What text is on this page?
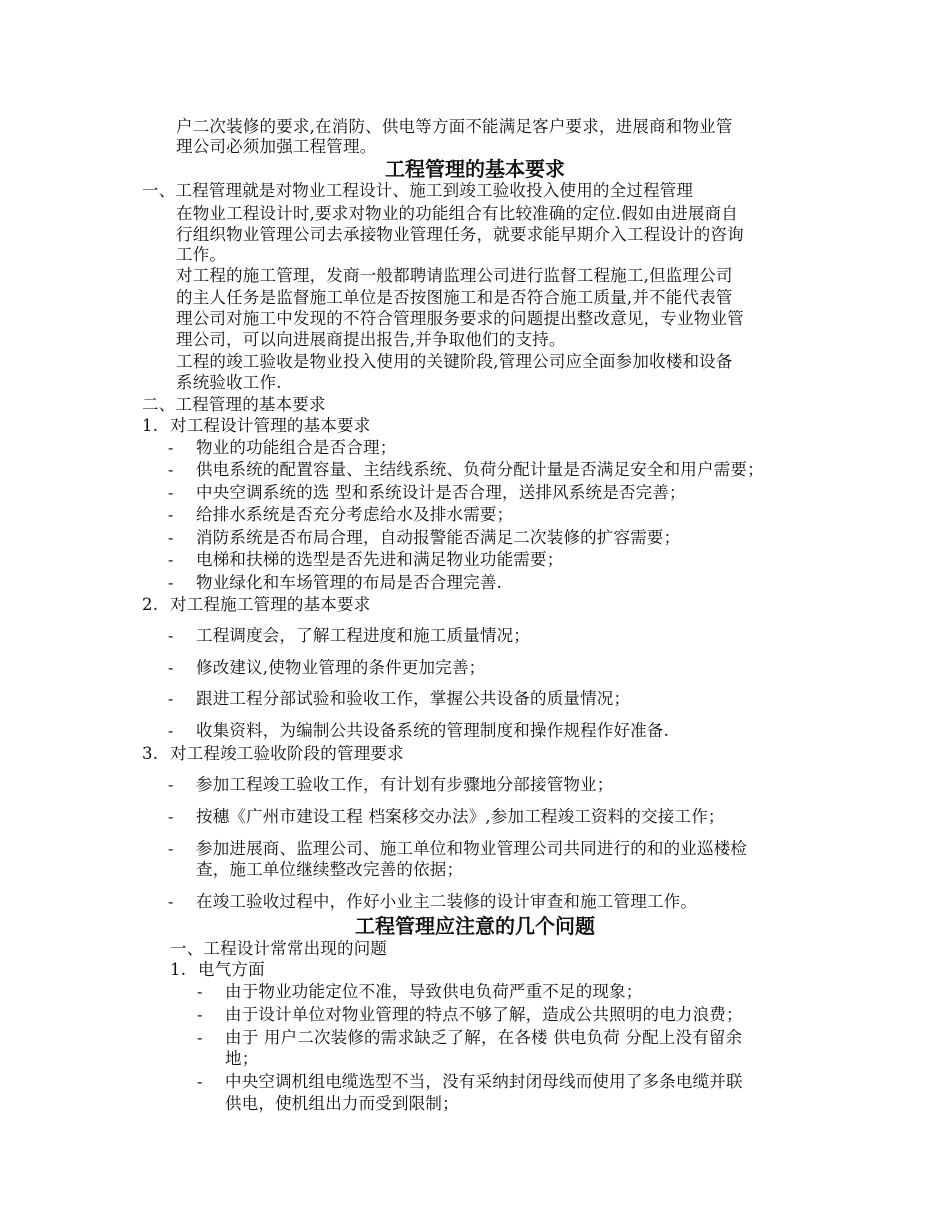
户二次装修的要求,在消防、供电等方面不能满足客户要求，进展商和物业管
理公司必须加强工程管理。
工程管理的基本要求
一、工程管理就是对物业工程设计、施工到竣工验收投入使用的全过程管理
在物业工程设计时,要求对物业的功能组合有比较准确的定位.假如由进展商自
行组织物业管理公司去承接物业管理任务，就要求能早期介入工程设计的咨询
工作。
对工程的施工管理，发商一般都聘请监理公司进行监督工程施工,但监理公司
的主人任务是监督施工单位是否按图施工和是否符合施工质量,并不能代表管
理公司对施工中发现的不符合管理服务要求的问题提出整改意见，专业物业管
理公司，可以向进展商提出报告,并争取他们的支持。
工程的竣工验收是物业投入使用的关键阶段,管理公司应全面参加收楼和设备
系统验收工作.
二、工程管理的基本要求
1. 对工程设计管理的基本要求
- 物业的功能组合是否合理；
- 供电系统的配置容量、主结线系统、负荷分配计量是否满足安全和用户需要；
- 中央空调系统的选 型和系统设计是否合理，送排风系统是否完善；
- 给排水系统是否充分考虑给水及排水需要；
- 消防系统是否布局合理，自动报警能否满足二次装修的扩容需要；
- 电梯和扶梯的选型是否先进和满足物业功能需要；
- 物业绿化和车场管理的布局是否合理完善.
2. 对工程施工管理的基本要求
- 工程调度会，了解工程进度和施工质量情况；
- 修改建议,使物业管理的条件更加完善；
- 跟进工程分部试验和验收工作，掌握公共设备的质量情况；
- 收集资料，为编制公共设备系统的管理制度和操作规程作好准备.
3. 对工程竣工验收阶段的管理要求
- 参加工程竣工验收工作，有计划有步骤地分部接管物业；
- 按穗《广州市建设工程 档案移交办法》,参加工程竣工资料的交接工作；
- 参加进展商、监理公司、施工单位和物业管理公司共同进行的和的业巡楼检
查，施工单位继续整改完善的依据；
- 在竣工验收过程中，作好小业主二装修的设计审查和施工管理工作。
工程管理应注意的几个问题
一、工程设计常常出现的问题
1. 电气方面
- 由于物业功能定位不准，导致供电负荷严重不足的现象；
- 由于设计单位对物业管理的特点不够了解，造成公共照明的电力浪费；
- 由于 用户二次装修的需求缺乏了解，在各楼 供电负荷 分配上没有留余
地；
- 中央空调机组电缆选型不当，没有采纳封闭母线而使用了多条电缆并联
供电，使机组出力而受到限制；
